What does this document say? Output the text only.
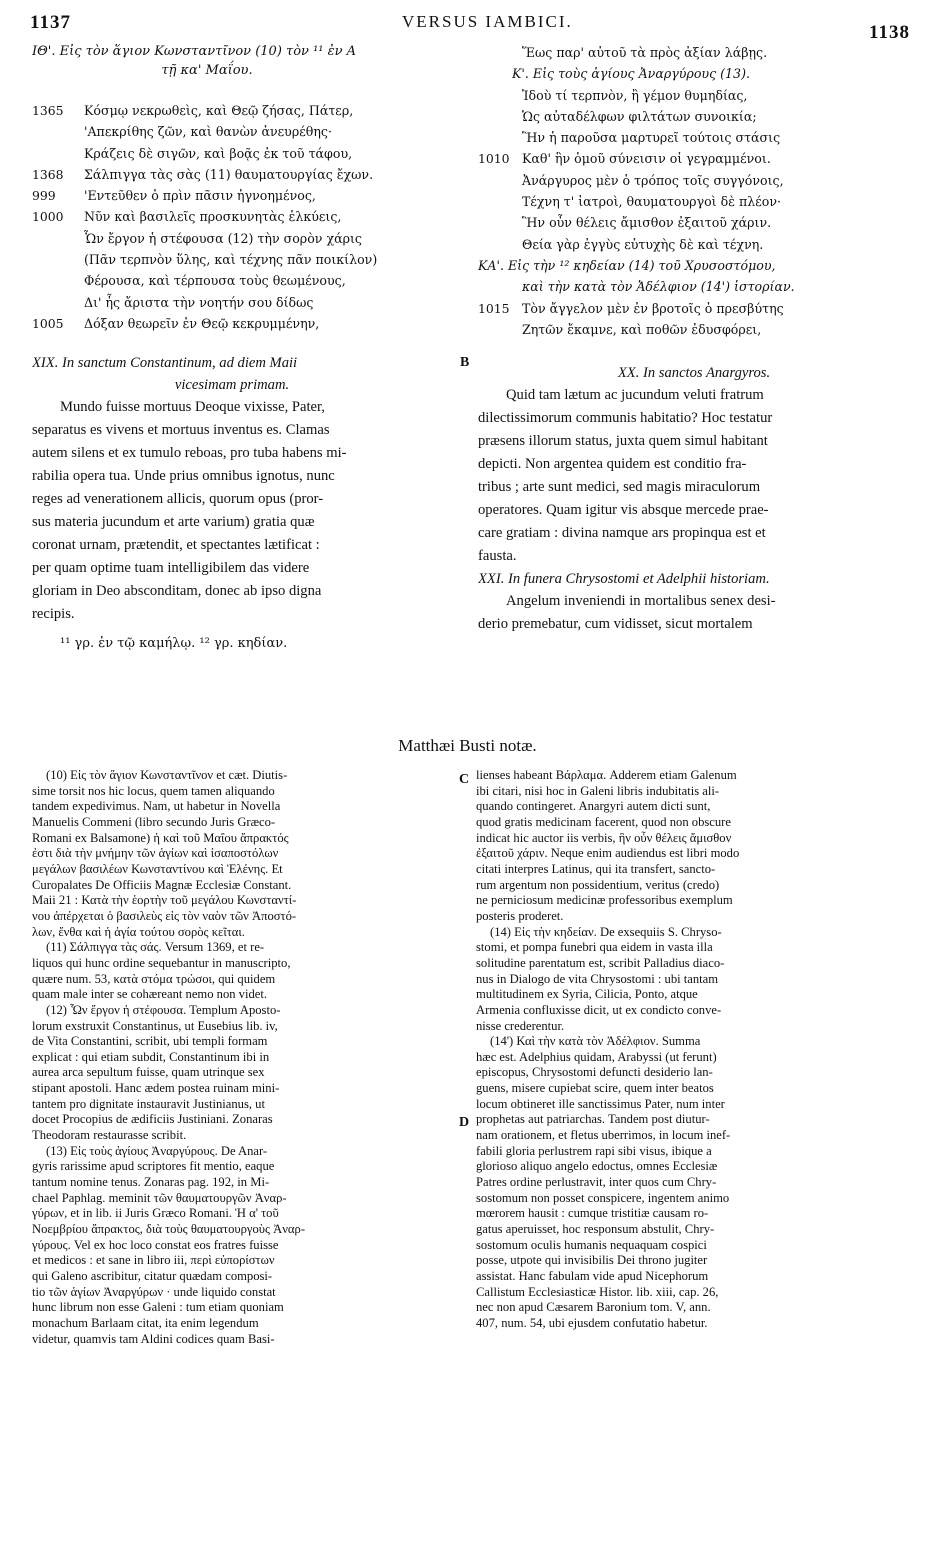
1137	VERSUS IAMBICI.
1138
ΙΘ'. Εἰς τὸν ἅγιον Κωνσταντῖνον (10) τὸν ¹¹ ἐν Α
τῇ κα' Μαΐου.
1365 Κόσμῳ νεκρωθεὶς, καὶ Θεῷ ζήσας, Πάτερ,
'Απεκρίθης ζῶν, καὶ θανὼν ἀνευρέθης·
Κράζεις δὲ σιγῶν, καὶ βοᾷς ἐκ τοῦ τάφου,
1368 Σάλπιγγα τὰς σὰς (11) θαυματουργίας ἔχων.
999 'Εντεῦθεν ὁ πρὶν πᾶσιν ἠγνοημένος,
1000 Νῦν καὶ βασιλεῖς προσκυνητὰς ἑλκύεις,
Ὧν ἔργον ἡ στέφουσα (12) τὴν σορὸν χάρις
(Πᾶν τερπνὸν ὕλης, καὶ τέχνης πᾶν ποικίλον)
Φέρουσα, καὶ τέρπουσα τοὺς θεωμένους,
Δι' ἧς ἄριστα τὴν νοητήν σου δίδως
1005 Δόξαν θεωρεῖν ἐν Θεῷ κεκρυμμένην,
XIX. In sanctum Constantinum, ad diem Maii
vicesimam primam.
B
Mundo fuisse mortuus Deoque vixisse, Pater,
separatus es vivens et mortuus inventus es. Clamas
autem silens et ex tumulo reboas, pro tuba habens mi-
rabilia opera tua. Unde prius omnibus ignotus, nunc
reges ad venerationem allicis, quorum opus (pror-
sus materia jucundum et arte varium) gratia quæ
coronat urnam, prætendit, et spectantes lætificat :
per quam optime tuam intelligibilem das videre
gloriam in Deo absconditam, donec ab ipso digna
recipis.
¹¹ γρ. ἐν τῷ καμήλῳ. ¹² γρ. κηδίαν.
Ἕως παρ' αὐτοῦ τὰ πρὸς ἀξίαν λάβῃς.
Κ'. Εἰς τοὺς ἁγίους Ἀναργύρους (13).
Ἰδοὺ τί τερπνὸν, ἢ γέμον θυμηδίας,
Ὡς αὐταδέλφων φιλτάτων συνοικία;
Ἣν ἡ παροῦσα μαρτυρεῖ τούτοις στάσις
1010 Καθ' ἣν ὁμοῦ σύνεισιν οἱ γεγραμμένοι.
Ἀνάργυρος μὲν ὁ τρόπος τοῖς συγγόνοις,
Τέχνη τ' ἰατροὶ, θαυματουργοὶ δὲ πλέον·
Ἣν οὖν θέλεις ἄμισθον ἐξαιτοῦ χάριν.
Θεία γὰρ ἐγγὺς εὐτυχὴς δὲ καὶ τέχνη.
ΚΑ'. Εἰς τὴν ¹² κηδείαν (14) τοῦ Χρυσοστόμου,
καὶ τὴν κατὰ τὸν Ἀδέλφιον (14') ἱστορίαν.
1015 Τὸν ἄγγελον μὲν ἐν βροτοῖς ὁ πρεσβύτης
Ζητῶν ἔκαμνε, καὶ ποθῶν ἐδυσφόρει,
XX. In sanctos Anargyros.
Quid tam lætum ac jucundum veluti fratrum
dilectissimorum communis habitatio? Hoc testatur
præsens illorum status, juxta quem simul habitant
depicti. Non argentea quidem est conditio fra-
tribus ; arte sunt medici, sed magis miraculorum
operatores. Quam igitur vis absque mercede prae-
care gratiam : divina namque ars propinqua est et
fausta.
XXI. In funera Chrysostomi et Adelphii historiam.
Angelum inveniendi in mortalibus senex desi-
derio premebatur, cum vidisset, sicut mortalem
Matthæi Busti notæ.
C
D
(10) Εἰς τὸν ἅγιον Κωνσταντῖνον et cæt. Diutis-
sime torsit nos hic locus, quem tamen aliquando
tandem expedivimus. Nam, ut habetur in Novella
Manuelis Commeni (libro secundo Juris Græco-
Romani ex Balsamone) ἡ καὶ τοῦ Μαΐου ἄπρακτός
ἐστι διὰ τὴν μνήμην τῶν ἁγίων καὶ ἰσαποστόλων
μεγάλων βασιλέων Κωνσταντίνου καὶ Ἑλένης. Et
Curopalates De Officiis Magnæ Ecclesiæ Constant.
Maii 21 : Κατὰ τὴν ἑορτὴν τοῦ μεγάλου Κωνσταντί-
νου ἀπέρχεται ὁ βασιλεὺς εἰς τὸν ναὸν τῶν Ἀποστό-
λων, ἔνθα καὶ ἡ ἁγία τούτου σορὸς κεῖται.
(11) Σάλπιγγα τὰς σάς. Versum 1369, et re-
liquos qui hunc ordine sequebantur in manuscripto,
quære num. 53, κατὰ στόμα τρώσοι, qui quidem
quam male inter se cohæreant nemo non videt.
(12) Ὧν ἔργον ἡ στέφουσα. Templum Aposto-
lorum exstruxit Constantinus, ut Eusebius lib. iv,
de Vita Constantini, scribit, ubi templi formam
explicat : qui etiam subdit, Constantinum ibi in
aurea arca sepultum fuisse, quam utrinque sex
stipant apostoli. Hanc ædem postea ruinam mini-
tantem pro dignitate instauravit Justinianus, ut
docet Procopius de ædificiis Justiniani. Zonaras
Theodoram restaurasse scribit.
(13) Εἰς τοὺς ἁγίους Ἀναργύρους. De Anar-
gyris rarissime apud scriptores fit mentio, eaque
tantum nomine tenus. Zonaras pag. 192, in Mi-
chael Paphlag. meminit τῶν θαυματουργῶν Ἀναρ-
γύρων, et in lib. ii Juris Græco Romani. Ἡ α' τοῦ
Νοεμβρίου ἄπρακτος, διὰ τοὺς θαυματουργοὺς Ἀναρ-
γύρους. Vel ex hoc loco constat eos fratres fuisse
et medicos : et sane in libro iii, περὶ εὐπορίστων
qui Galeno ascribitur, citatur quædam composi-
tio τῶν ἁγίων Ἀναργύρων · unde liquido constat
hunc librum non esse Galeni : tum etiam quoniam
monachum Barlaam citat, ita enim legendum
videtur, quamvis tam Aldini codices quam Basi-
lienses habeant Βάρλαμα. Adderem etiam Galenum
ibi citari, nisi hoc in Galeni libris indubitatis ali-
quando contingeret. Anargyri autem dicti sunt,
quod gratis medicinam facerent, quod non obscure
indicat hic auctor iis verbis, ἣν οὖν θέλεις ἄμισθον
ἐξαιτοῦ χάριν. Neque enim audiendus est libri modo
citati interpres Latinus, qui ita transfert, sancto-
rum argentum non possidentium, veritus (credo)
ne perniciosum medicinæ professoribus exemplum
posteris proderet.
(14) Εἰς τὴν κηδείαν. De exsequiis S. Chryso-
stomi, et pompa funebri qua eidem in vasta illa
solitudine parentatum est, scribit Palladius diaco-
nus in Dialogo de vita Chrysostomi : ubi tantam
multitudinem ex Syria, Cilicia, Ponto, atque
Armenia confluxisse dicit, ut ex condicto conve-
nisse crederentur.
(14') Καὶ τὴν κατὰ τὸν Ἀδέλφιον. Summa
hæc est. Adelphius quidam, Arabyssi (ut ferunt)
episcopus, Chrysostomi defuncti desiderio lan-
guens, misere cupiebat scire, quem inter beatos
locum obtineret ille sanctissimus Pater, num inter
prophetas aut patriarchas. Tandem post diutur-
nam orationem, et fletus uberrimos, in locum inef-
fabili gloria perlustrem rapi sibi visus, ibique a
glorioso aliquo angelo edoctus, omnes Ecclesiæ
Patres ordine perlustravit, inter quos cum Chry-
sostomum non posset conspicere, ingentem animo
mœrorem hausit : cumque tristitiæ causam ro-
gatus aperuisset, hoc responsum abstulit, Chry-
sostomum oculis humanis nequaquam cospici
posse, utpote qui invisibilis Dei throno jugiter
assistat. Hanc fabulam vide apud Nicephorum
Callistum Ecclesiasticæ Histor. lib. xiii, cap. 26,
nec non apud Cæsarem Baronium tom. V, ann.
407, num. 54, ubi ejusdem confutatio habetur.
